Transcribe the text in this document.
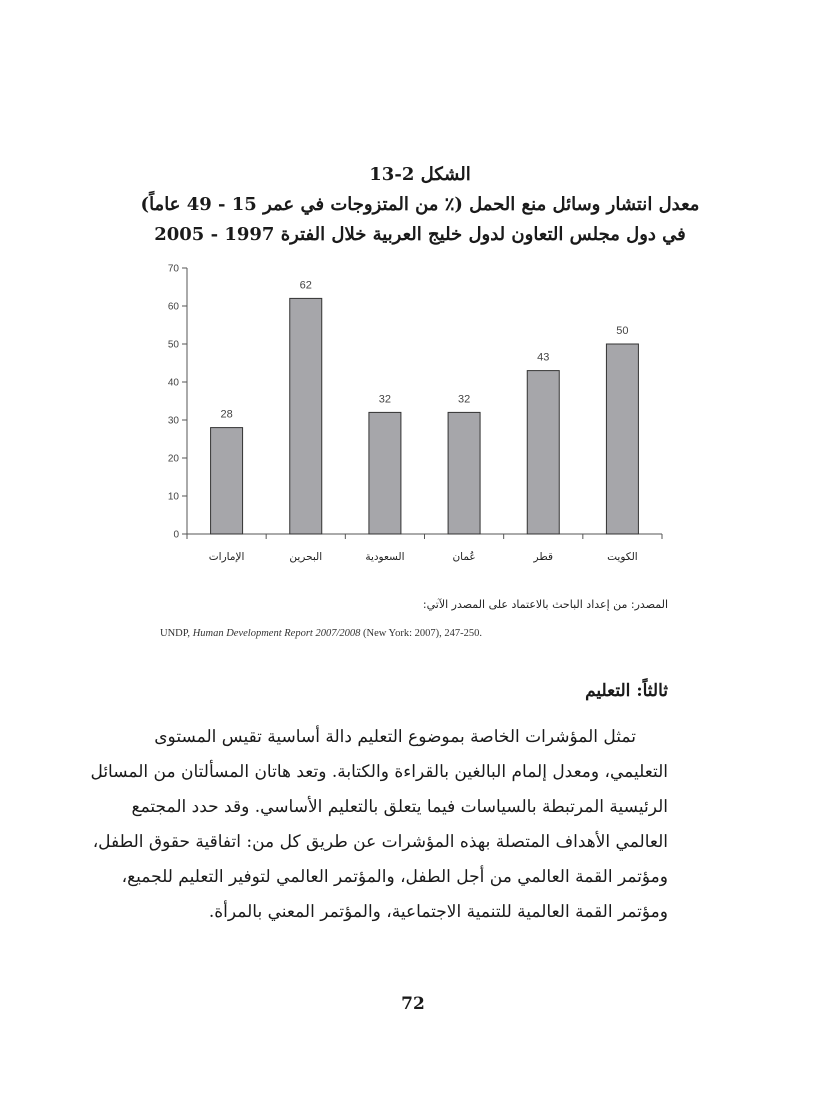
الشكل 2-13
معدل انتشار وسائل منع الحمل (٪ من المتزوجات في عمر 15 - 49 عاماً)
في دول مجلس التعاون لدول خليج العربية خلال الفترة 1997 - 2005
0
10
20
30
40
50
60
70
28
الإمارات
62
البحرين
32
السعودية
32
عُمان
43
قطر
50
الكويت
المصدر: من إعداد الباحث بالاعتماد على المصدر الآتي:
UNDP, Human Development Report 2007/2008 (New York: 2007), 247-250.
ثالثاً: التعليم
تمثل المؤشرات الخاصة بموضوع التعليم دالة أساسية تقيس المستوى
التعليمي، ومعدل إلمام البالغين بالقراءة والكتابة. وتعد هاتان المسألتان من المسائل
الرئيسية المرتبطة بالسياسات فيما يتعلق بالتعليم الأساسي. وقد حدد المجتمع
العالمي الأهداف المتصلة بهذه المؤشرات عن طريق كل من: اتفاقية حقوق الطفل،
ومؤتمر القمة العالمي من أجل الطفل، والمؤتمر العالمي لتوفير التعليم للجميع،
ومؤتمر القمة العالمية للتنمية الاجتماعية، والمؤتمر المعني بالمرأة.
72
